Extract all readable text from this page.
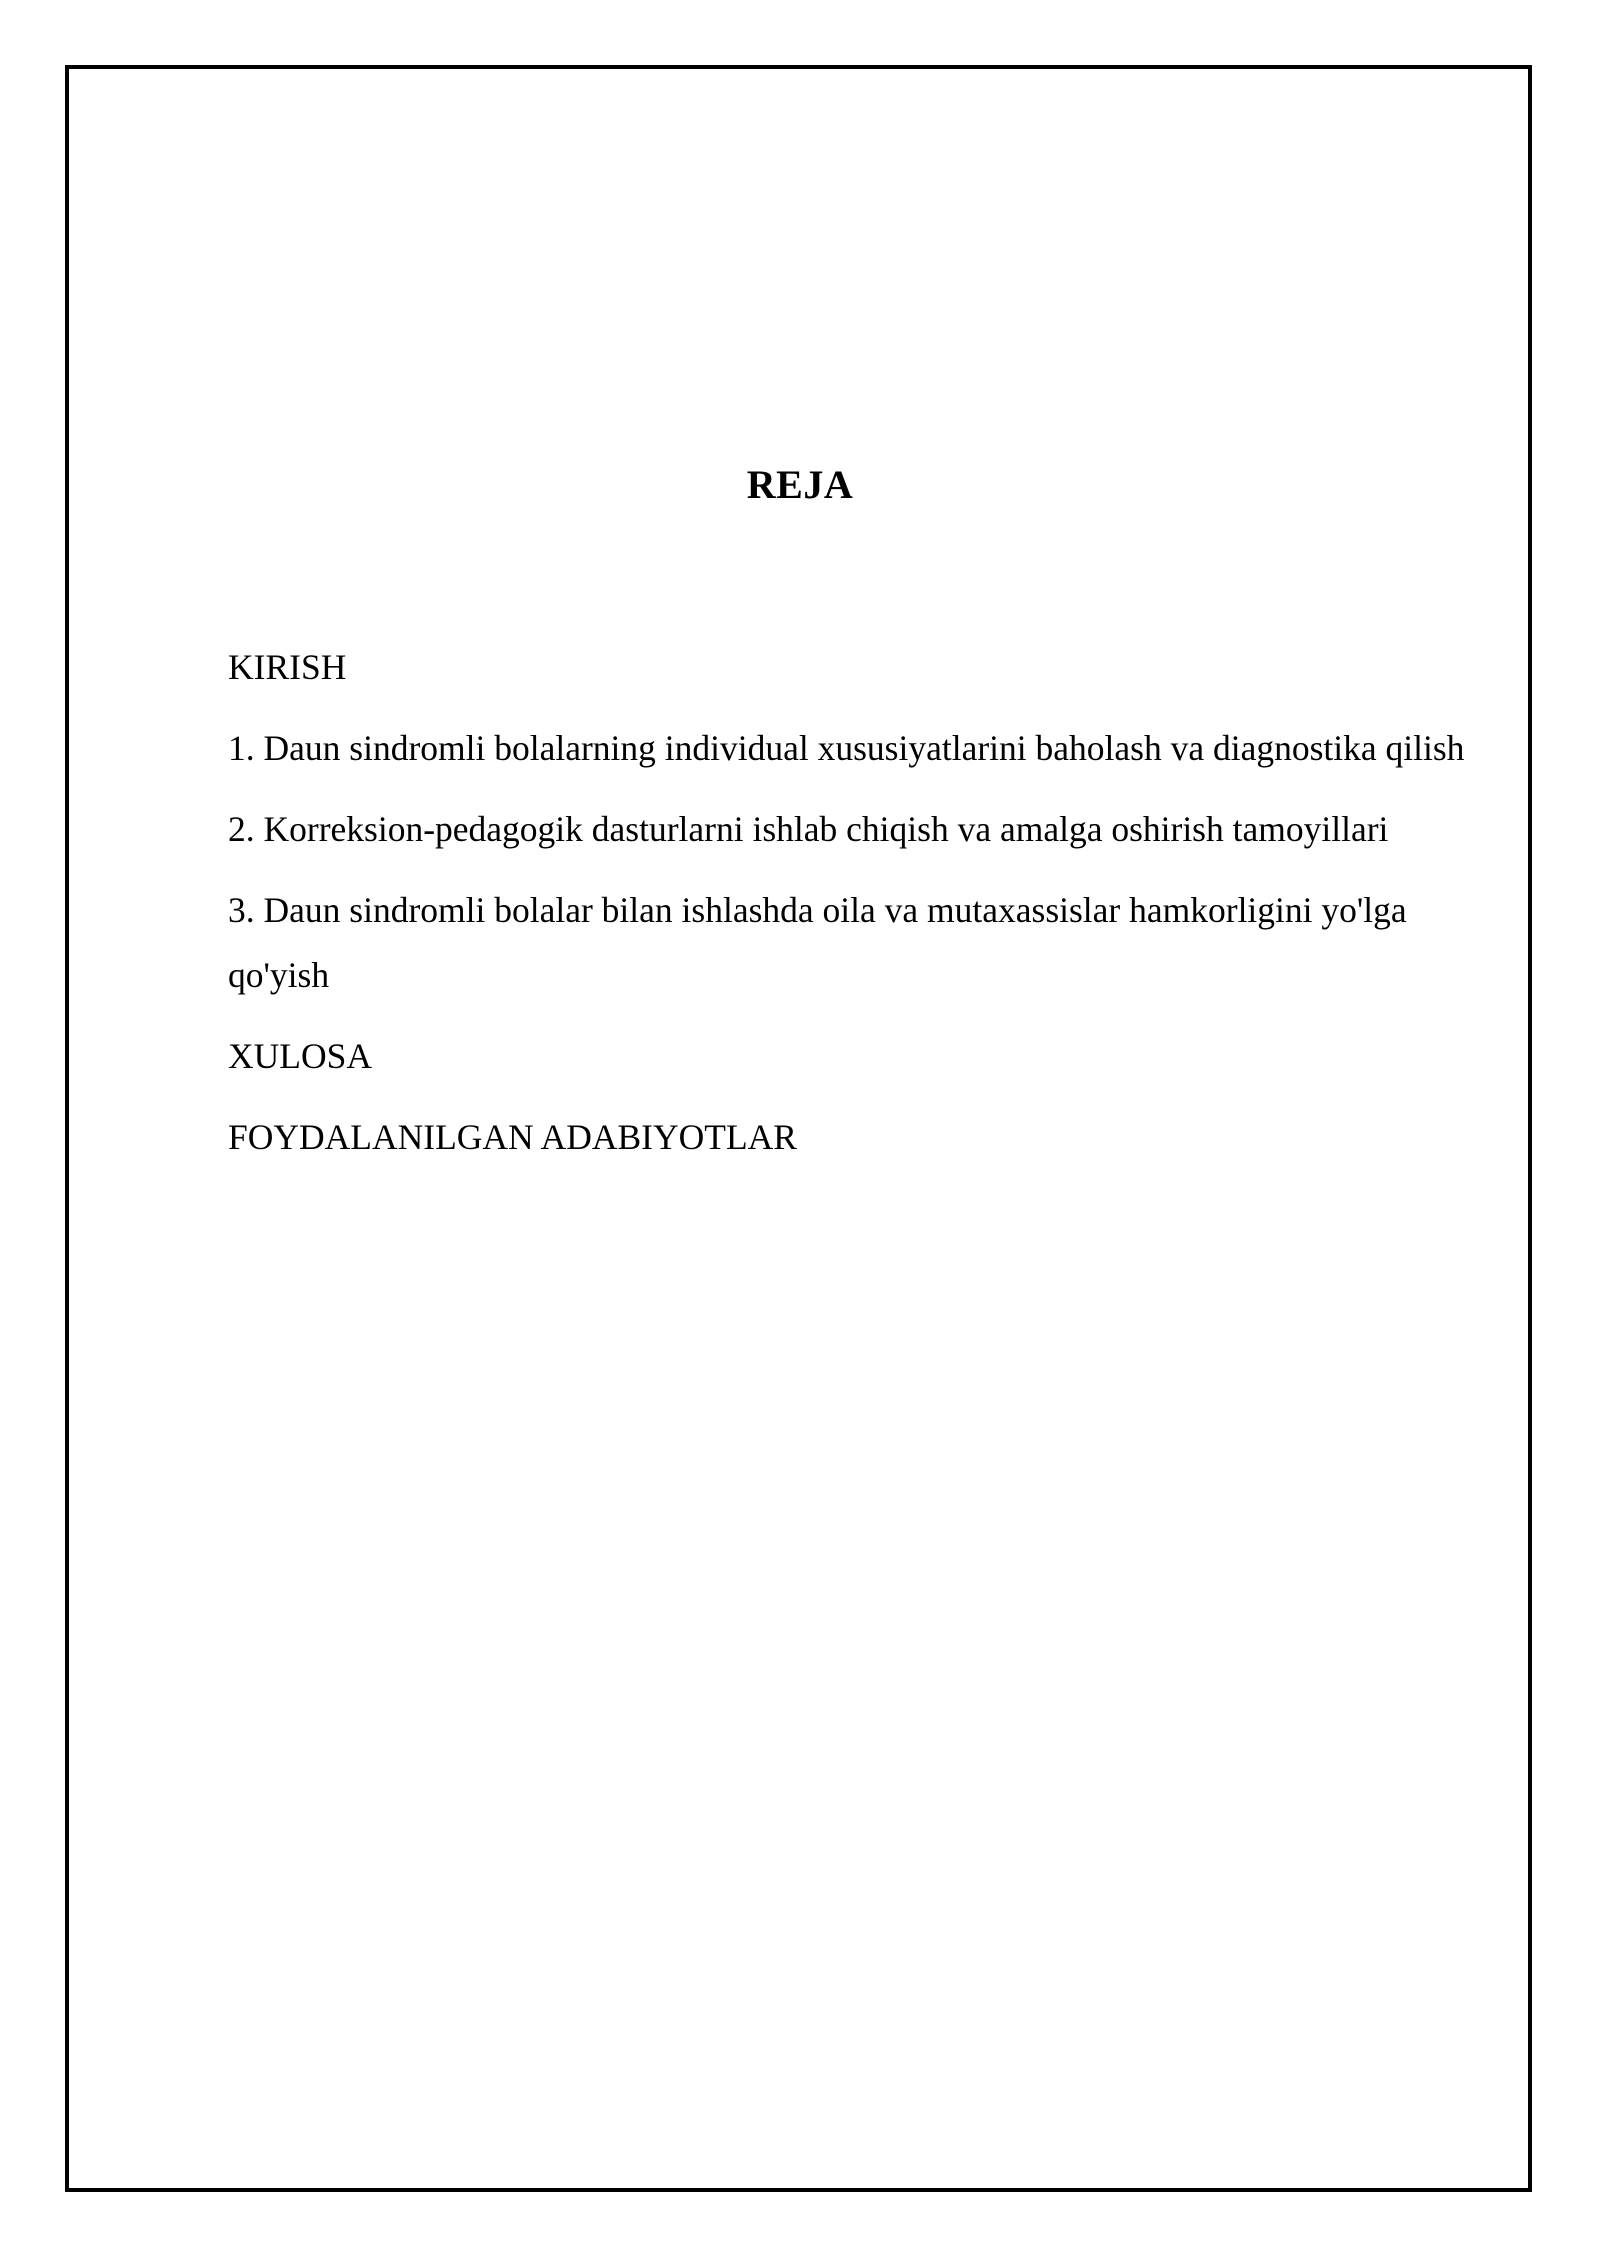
REJA
KIRISH
1. Daun sindromli bolalarning individual xususiyatlarini baholash va diagnostika qilish
2. Korreksion-pedagogik dasturlarni ishlab chiqish va amalga oshirish tamoyillari
3. Daun sindromli bolalar bilan ishlashda oila va mutaxassislar hamkorligini yo'lga qo'yish
XULOSA
FOYDALANILGAN ADABIYOTLAR
